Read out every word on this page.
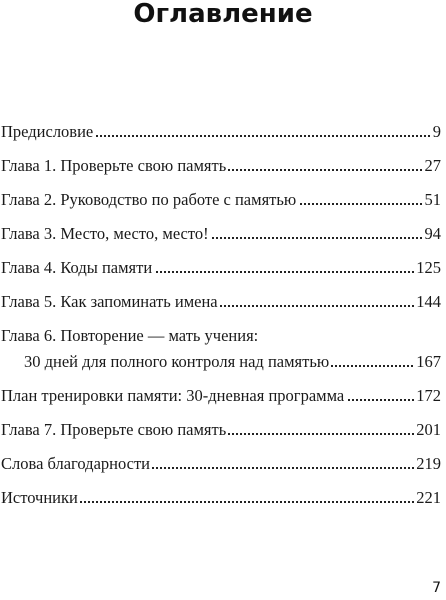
Оглавление
Предисловие	9
Глава 1. Проверьте свою память	27
Глава 2. Руководство по работе с памятью	51
Глава 3. Место, место, место!	94
Глава 4. Коды памяти	125
Глава 5. Как запоминать имена	144
Глава 6. Повторение — мать учения:
30 дней для полного контроля над памятью	167
План тренировки памяти: 30-дневная программа	172
Глава 7. Проверьте свою память	201
Слова благодарности	219
Источники	221
7
